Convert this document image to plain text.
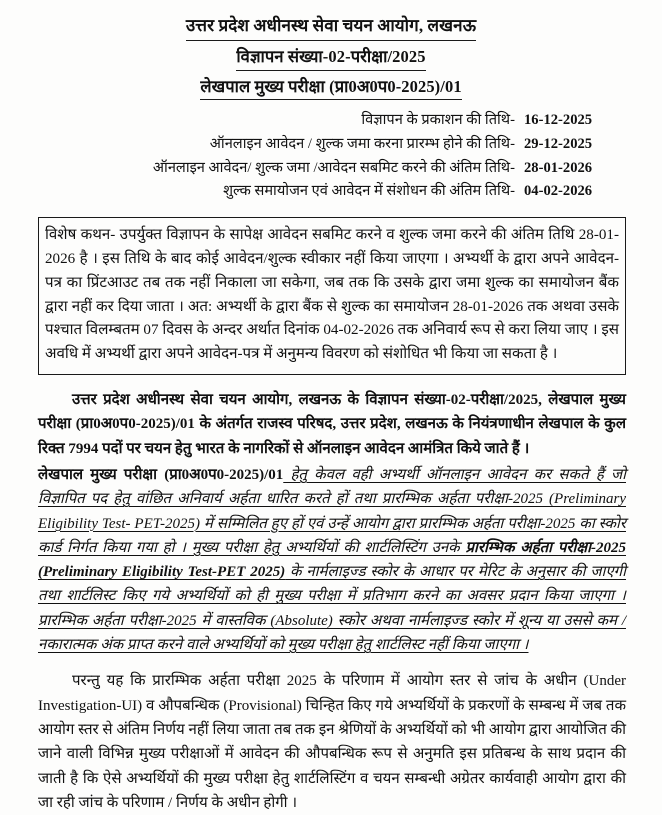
उत्तर प्रदेश अधीनस्थ सेवा चयन आयोग, लखनऊ
विज्ञापन संख्या-02-परीक्षा/2025
लेखपाल मुख्य परीक्षा (प्रा0अ0प0-2025)/01
विज्ञापन के प्रकाशन की तिथि- 16-12-2025
ऑनलाइन आवेदन / शुल्क जमा करना प्रारम्भ होने की तिथि- 29-12-2025
ऑनलाइन आवेदन/ शुल्क जमा /आवेदन सबमिट करने की अंतिम तिथि- 28-01-2026
शुल्क समायोजन एवं आवेदन में संशोधन की अंतिम तिथि- 04-02-2026

विशेष कथन- उपर्युक्त विज्ञापन के सापेक्ष आवेदन सबमिट करने व शुल्क जमा करने की अंतिम तिथि 28-01-2026 है । इस तिथि के बाद कोई आवेदन/शुल्क स्वीकार नहीं किया जाएगा । अभ्यर्थी के द्वारा अपने आवेदन-पत्र का प्रिंटआउट तब तक नहीं निकाला जा सकेगा, जब तक कि उसके द्वारा जमा शुल्क का समायोजन बैंक द्वारा नहीं कर दिया जाता । अत: अभ्यर्थी के द्वारा बैंक से शुल्क का समायोजन 28-01-2026 तक अथवा उसके पश्चात विलम्बतम 07 दिवस के अन्दर अर्थात दिनांक 04-02-2026 तक अनिवार्य रूप से करा लिया जाए । इस अवधि में अभ्यर्थी द्वारा अपने आवेदन-पत्र में अनुमन्य विवरण को संशोधित भी किया जा सकता है ।

उत्तर प्रदेश अधीनस्थ सेवा चयन आयोग, लखनऊ के विज्ञापन संख्या-02-परीक्षा/2025, लेखपाल मुख्य परीक्षा (प्रा0अ0प0-2025)/01 के अंतर्गत राजस्व परिषद, उत्तर प्रदेश, लखनऊ के नियंत्रणाधीन लेखपाल के कुल रिक्त 7994 पदों पर चयन हेतु भारत के नागरिकों से ऑनलाइन आवेदन आमंत्रित किये जाते हैं ।

लेखपाल मुख्य परीक्षा (प्रा0अ0प0-2025)/01 हेतु केवल वही अभ्यर्थी ऑनलाइन आवेदन कर सकते हैं जो विज्ञापित पद हेतु वांछित अनिवार्य अर्हता धारित करते हों तथा प्रारम्भिक अर्हता परीक्षा-2025 (Preliminary Eligibility Test- PET-2025) में सम्मिलित हुए हों एवं उन्हें आयोग द्वारा प्रारम्भिक अर्हता परीक्षा-2025 का स्कोर कार्ड निर्गत किया गया हो । मुख्य परीक्षा हेतु अभ्यर्थियों की शार्टलिस्टिंग उनके प्रारम्भिक अर्हता परीक्षा-2025 (Preliminary Eligibility Test-PET 2025) के नार्मलाइज्ड स्कोर के आधार पर मेरिट के अनुसार की जाएगी तथा शार्टलिस्ट किए गये अभ्यर्थियों को ही मुख्य परीक्षा में प्रतिभाग करने का अवसर प्रदान किया जाएगा । प्रारम्भिक अर्हता परीक्षा-2025 में वास्तविक (Absolute) स्कोर अथवा नार्मलाइज्ड स्कोर में शून्य या उससे कम / नकारात्मक अंक प्राप्त करने वाले अभ्यर्थियों को मुख्य परीक्षा हेतु शार्टलिस्ट नहीं किया जाएगा ।

परन्तु यह कि प्रारम्भिक अर्हता परीक्षा 2025 के परिणाम में आयोग स्तर से जांच के अधीन (Under Investigation-UI) व औपबन्धिक (Provisional) चिन्हित किए गये अभ्यर्थियों के प्रकरणों के सम्बन्ध में जब तक आयोग स्तर से अंतिम निर्णय नहीं लिया जाता तब तक इन श्रेणियों के अभ्यर्थियों को भी आयोग द्वारा आयोजित की जाने वाली विभिन्न मुख्य परीक्षाओं में आवेदन की औपबन्धिक रूप से अनुमति इस प्रतिबन्ध के साथ प्रदान की जाती है कि ऐसे अभ्यर्थियों की मुख्य परीक्षा हेतु शार्टलिस्टिंग व चयन सम्बन्धी अग्रेतर कार्यवाही आयोग द्वारा की जा रही जांच के परिणाम / निर्णय के अधीन होगी ।
